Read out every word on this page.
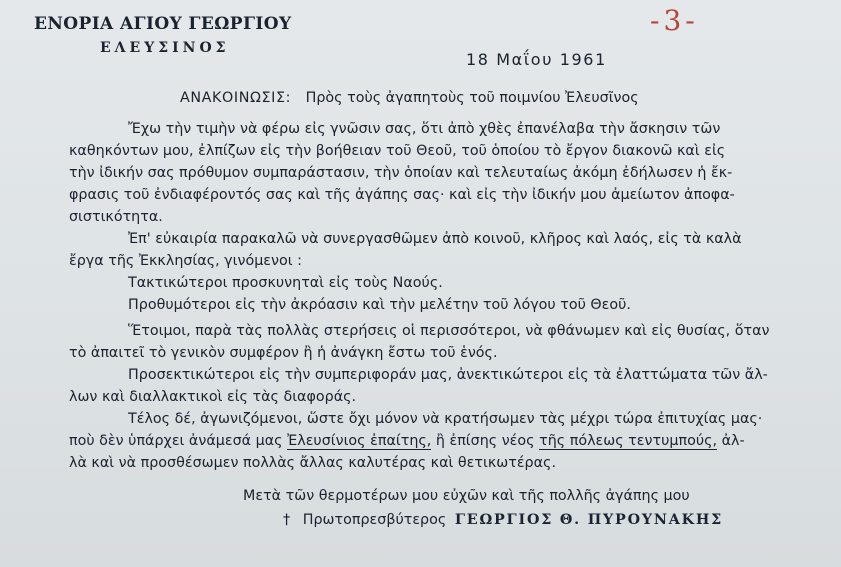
ΕΝΟΡΙΑ ΑΓΙΟΥ ΓΕΩΡΓΙΟΥ
ΕΛΕΥΣΙΝΟΣ
-3-
18 Μαΐου 1961
ΑΝΑΚΟΙΝΩΣΙΣ: Πρὸς τοὺς ἀγαπητοὺς τοῦ ποιμνίου Ἐλευσῖνος
Ἔχω τὴν τιμὴν νὰ φέρω εἰς γνῶσιν σας, ὅτι ἀπὸ χθὲς ἐπανέλαβα τὴν ἄσκησιν τῶν
καθηκόντων μου, ἐλπίζων εἰς τὴν βοήθειαν τοῦ Θεοῦ, τοῦ ὁποίου τὸ ἔργον διακονῶ καὶ εἰς
τὴν ἰδικήν σας πρόθυμον συμπαράστασιν, τὴν ὁποίαν καὶ τελευταίως ἀκόμη ἐδήλωσεν ἡ ἔκ-
φρασις τοῦ ἐνδιαφέροντός σας καὶ τῆς ἀγάπης σας· καὶ εἰς τὴν ἰδικήν μου ἀμείωτον ἀποφα-
σιστικότητα.
Ἐπ' εὐκαιρία παρακαλῶ νὰ συνεργασθῶμεν ἀπὸ κοινοῦ, κλῆρος καὶ λαός, εἰς τὰ καλὰ
ἔργα τῆς Ἐκκλησίας, γινόμενοι :
Τακτικώτεροι προσκυνηταὶ εἰς τοὺς Ναούς.
Προθυμότεροι εἰς τὴν ἀκρόασιν καὶ τὴν μελέτην τοῦ λόγου τοῦ Θεοῦ.
Ἕτοιμοι, παρὰ τὰς πολλὰς στερήσεις οἱ περισσότεροι, νὰ φθάνωμεν καὶ εἰς θυσίας, ὅταν
τὸ ἀπαιτεῖ τὸ γενικὸν συμφέρον ἢ ἡ ἀνάγκη ἔστω τοῦ ἑνός.
Προσεκτικώτεροι εἰς τὴν συμπεριφοράν μας, ἀνεκτικώτεροι εἰς τὰ ἐλαττώματα τῶν ἄλ-
λων καὶ διαλλακτικοὶ εἰς τὰς διαφοράς.
Τέλος δέ, ἀγωνιζόμενοι, ὥστε ὄχι μόνον νὰ κρατήσωμεν τὰς μέχρι τώρα ἐπιτυχίας μας·
ποὺ δὲν ὑπάρχει ἀνάμεσά μας Ἐλευσίνιος ἐπαίτης, ἢ ἐπίσης νέος τῆς πόλεως τεντυμπούς, ἀλ-
λὰ καὶ νὰ προσθέσωμεν πολλὰς ἄλλας καλυτέρας καὶ θετικωτέρας.
Μετὰ τῶν θερμοτέρων μου εὐχῶν καὶ τῆς πολλῆς ἀγάπης μου
† Πρωτοπρεσβύτερος ΓΕΩΡΓΙΟΣ Θ. ΠΥΡΟΥΝΑΚΗΣ
